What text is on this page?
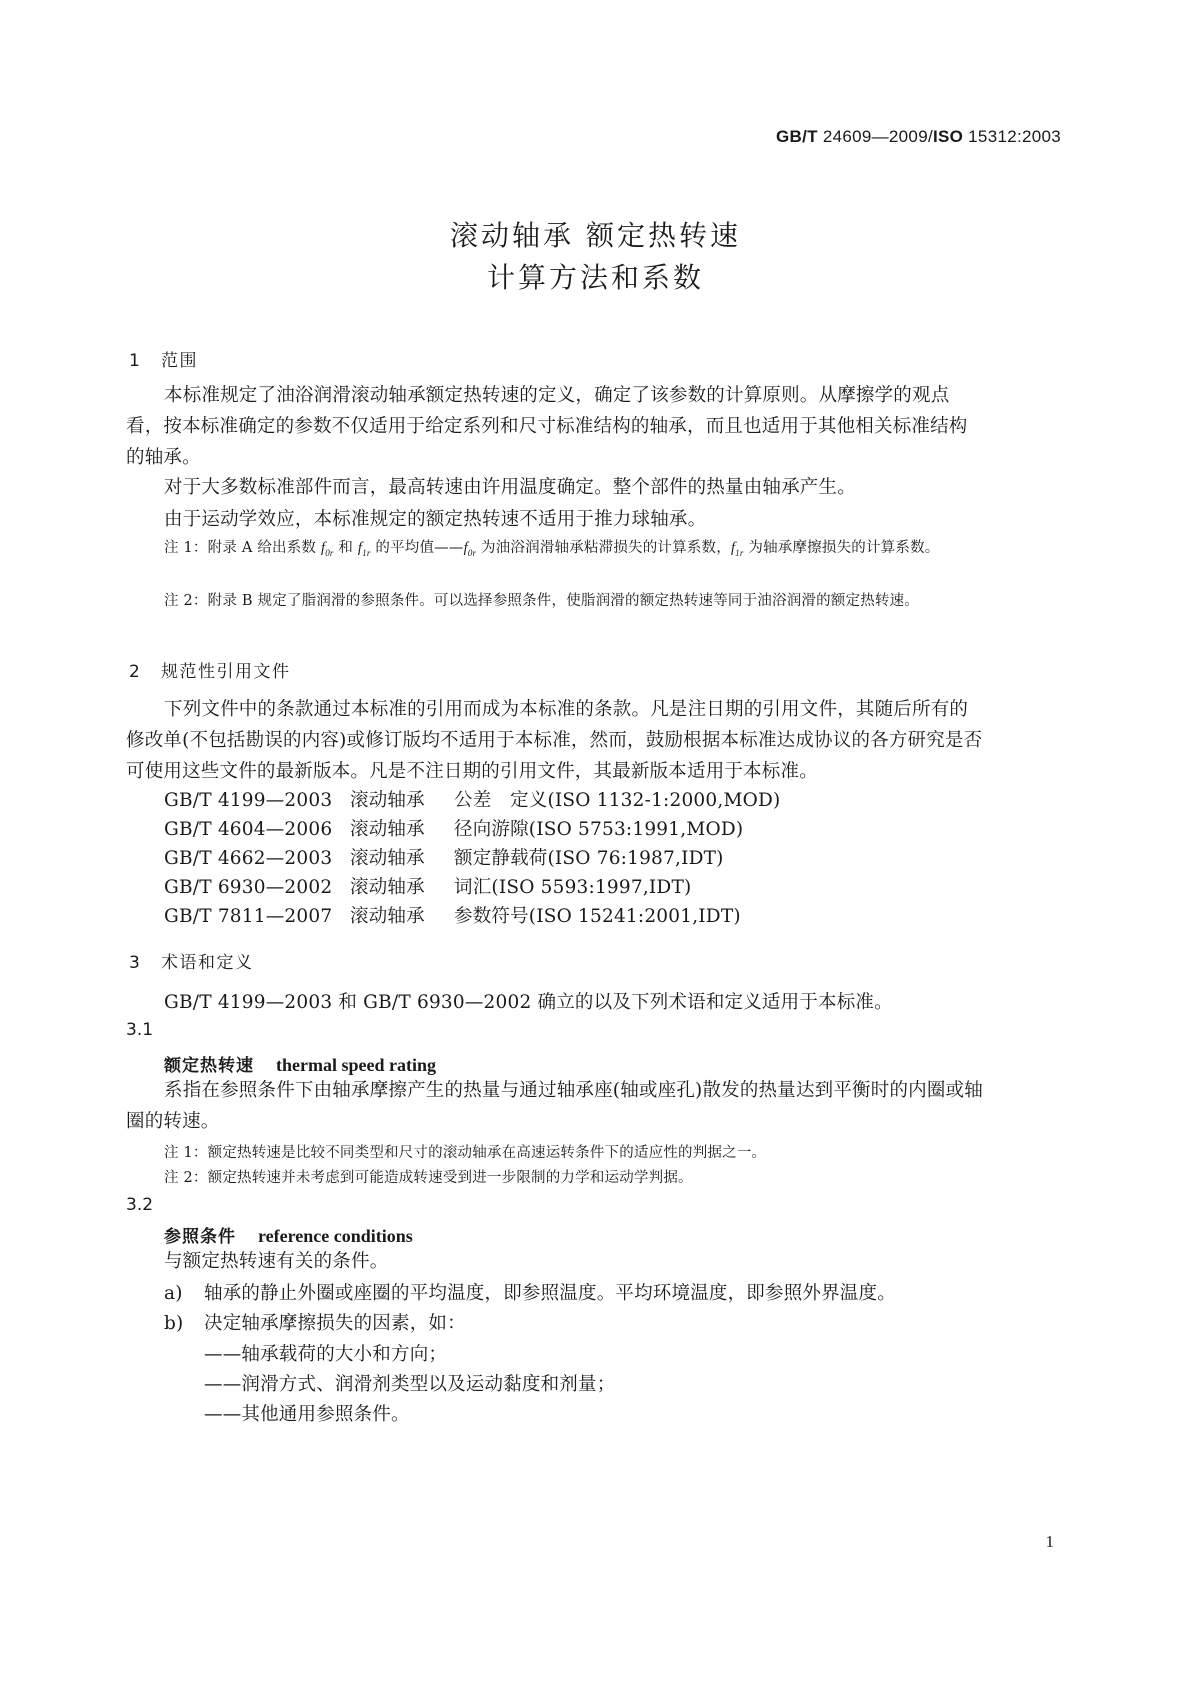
GB/T 24609—2009/ISO 15312:2003
滚动轴承 额定热转速
计算方法和系数
1 范围
本标准规定了油浴润滑滚动轴承额定热转速的定义，确定了该参数的计算原则。从摩擦学的观点看，按本标准确定的参数不仅适用于给定系列和尺寸标准结构的轴承，而且也适用于其他相关标准结构的轴承。
对于大多数标准部件而言，最高转速由许用温度确定。整个部件的热量由轴承产生。
由于运动学效应，本标准规定的额定热转速不适用于推力球轴承。
注 1：附录 A 给出系数 $f_{0r}$ 和 $f_{1r}$ 的平均值$——f_{0r}$ 为油浴润滑轴承粘滞损失的计算系数，$f_{1r}$ 为轴承摩擦损失的计算系数。
注 2：附录 B 规定了脂润滑的参照条件。可以选择参照条件，使脂润滑的额定热转速等同于油浴润滑的额定热转速。
2 规范性引用文件
下列文件中的条款通过本标准的引用而成为本标准的条款。凡是注日期的引用文件，其随后所有的修改单(不包括勘误的内容)或修订版均不适用于本标准，然而，鼓励根据本标准达成协议的各方研究是否可使用这些文件的最新版本。凡是不注日期的引用文件，其最新版本适用于本标准。
GB/T 4199—2003 滚动轴承 公差　定义(ISO 1132-1:2000,MOD)
GB/T 4604—2006 滚动轴承 径向游隙(ISO 5753:1991,MOD)
GB/T 4662—2003 滚动轴承 额定静载荷(ISO 76:1987,IDT)
GB/T 6930—2002 滚动轴承 词汇(ISO 5593:1997,IDT)
GB/T 7811—2007 滚动轴承 参数符号(ISO 15241:2001,IDT)
3 术语和定义
GB/T 4199—2003 和 GB/T 6930—2002 确立的以及下列术语和定义适用于本标准。
3.1
额定热转速 thermal speed rating
系指在参照条件下由轴承摩擦产生的热量与通过轴承座(轴或座孔)散发的热量达到平衡时的内圈或轴圈的转速。
注 1：额定热转速是比较不同类型和尺寸的滚动轴承在高速运转条件下的适应性的判据之一。
注 2：额定热转速并未考虑到可能造成转速受到进一步限制的力学和运动学判据。
3.2
参照条件 reference conditions
与额定热转速有关的条件。
a) 轴承的静止外圈或座圈的平均温度，即参照温度。平均环境温度，即参照外界温度。
b) 决定轴承摩擦损失的因素，如：
——轴承载荷的大小和方向；
——润滑方式、润滑剂类型以及运动黏度和剂量；
——其他通用参照条件。
1
